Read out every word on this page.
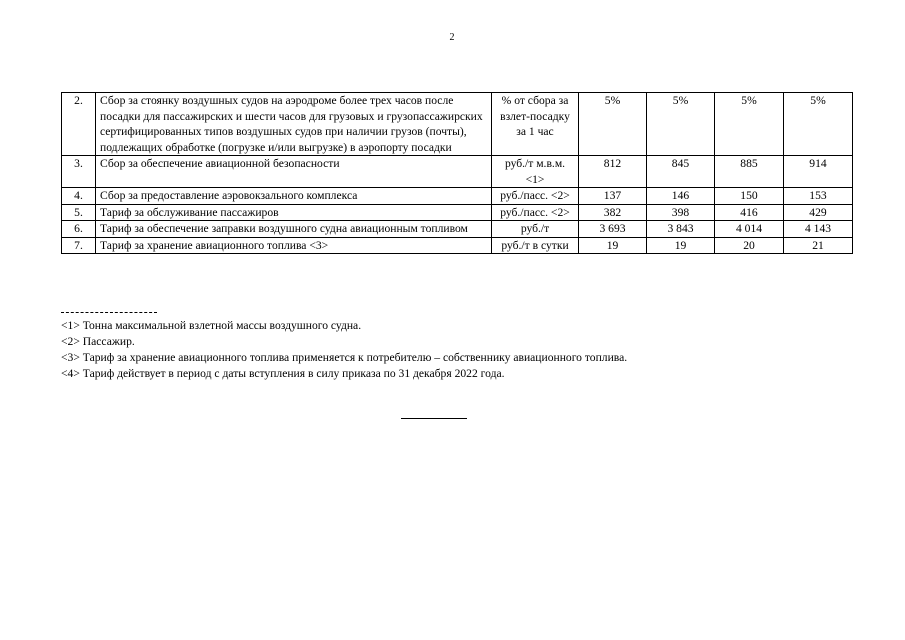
2
2.	Сбор за стоянку воздушных судов на аэродроме более трех часов после посадки для пассажирских и шести часов для грузовых и грузопассажирских сертифицированных типов воздушных судов при наличии грузов (почты), подлежащих обработке (погрузке и/или выгрузке) в аэропорту посадки	% от сбора за взлет-посадку за 1 час	5%	5%	5%	5%
3.	Сбор за обеспечение авиационной безопасности	руб./т м.в.м. <1>	812	845	885	914
4.	Сбор за предоставление аэровокзального комплекса	руб./пасс. <2>	137	146	150	153
5.	Тариф за обслуживание пассажиров	руб./пасс. <2>	382	398	416	429
6.	Тариф за обеспечение заправки воздушного судна авиационным топливом	руб./т	3 693	3 843	4 014	4 143
7.	Тариф за хранение авиационного топлива <3>	руб./т в сутки	19	19	20	21
<1> Тонна максимальной взлетной массы воздушного судна.
<2> Пассажир.
<3> Тариф за хранение авиационного топлива применяется к потребителю – собственнику авиационного топлива.
<4> Тариф действует в период с даты вступления в силу приказа по 31 декабря 2022 года.
